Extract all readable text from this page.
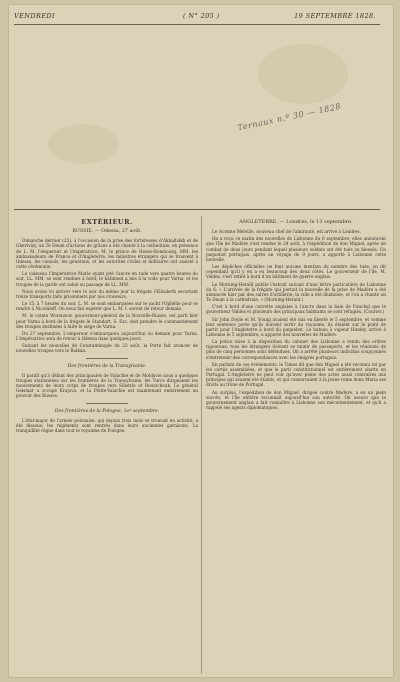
VENDREDI	( N° 205 )	19 SEPTEMBRE 1828.
Ternaux n.º 30 — 1828
EXTÉRIEUR.
RUSSIE. — Odessa, 27 août.

Dimanche dernier (25), à l'occasion de la prise des forteresses d'Akhaltsikh et de Ghertvizy, un Te Deum d'actions de grâces a été chanté à la cathédrale, en présence de L. M. l'empereur et l'impératrice, M. le prince de Hesse-Hombourg, MM. les ambassadeurs de France et d'Angleterre, les ministres étrangers qui se trouvent à Odessa, les consuls, les généraux, et les autorités civiles et militaires ont assisté à cette cérémonie.

Le vaisseau l'Impératrice Marie ayant jeté l'ancre en rade vers quatre heures du soir, LL. MM. se sont rendues à bord; le bâtiment a mis à la voile pour Varna, et les troupes de la garde ont salué au passage de LL. MM.

Nous avons vu arriver vers le soir du même jour la frégate l'Elisabeth escortant treize transports faits prisonniers par nos croiseurs.

Le 15, à 7 heures du soir, L. M. se sont embarquées sur le yacht l'Ophélie pour se rendre à Nicolaïeff. On nous fait espérer que L. M. I. seront de retour demain.

M. le comte Woronzow, gouverneur-général de la Nouvelle-Russie, est parti hier pour Varna à bord de la frégate le Standart. S. Exc. doit prendre le commandement des troupes destinées à faire le siège de Varna.

Du 27 septembre. L'empereur s'embarquera aujourd'hui ou demain pour Varna. L'impératrice sera de retour à Odessa dans quelques jours.

Suivant les nouvelles de Constantinople du 23 août, la Porte fait avancer de nouvelles troupes vers le Balkan.

Des frontières de la Transylvanie.

Il paraît qu'à défaut des principautés de Valachie et de Moldavie nous a quelques troupes stationnées sur les frontières de la Transylvanie, les Turcs dirigeaient les mouvements de leurs corps de troupes vers Silistrie et Routschouk. Le général Geismar a occupé Krajova, et la Petite-Valachie est maintenant entièrement au pouvoir des Russes.

Des frontières de la Pologne, 1er septembre.

L'état-major de l'armée polonaise, qui depuis trois mois se trouvait en activité, a été dissous; les régiments sont rentrés dans leurs anciennes garnisons. La tranquillité règne dans tout le royaume de Pologne.

ANGLETERRE. — Londres, le 13 septembre.

Le vicomte Melville, nouveau chef de l'amirauté, est arrivé à Londres.

On a reçu ce matin des nouvelles de Lisbonne du 6 septembre; elles annoncent que l'île de Madère s'est rendue le 24 août, à l'expédition de don Miguel, après un combat de deux jours pendant lequel plusieurs soldats ont été tués ou blessés. Un paquebot portugais, après un voyage de 9 jours, a apporté à Lisbonne cette nouvelle.

Les dépêches officielles ne font aucune mention du nombre des tués; on dit cependant qu'il y en a eu beaucoup des deux côtés. Le gouverneur de l'île, M. Valdez, s'est retiré à bord d'un bâtiment de guerre anglais.

Le Morning-Herald publie l'extrait suivant d'une lettre particulière de Lisbonne du 6: « L'arrivée de la frégate qui portait la nouvelle de la prise de Madère a été annoncée hier par des salves d'artillerie; la ville a été illuminée, et l'on a chanté un Te Deum à la cathédrale. » (Morning-Herald.)

C'est à bord d'une corvette anglaise à l'ancre dans la baie de Funchal que le gouverneur Valdez et plusieurs des principaux habitants se sont réfugiés. (Courier.)

Sir John Doyle et M. Young avaient été mis en liberté le 5 septembre, et comme leur sentence porte qu'ils doivent sortir du royaume, ils étaient sur le point de partir pour l'Angleterre à bord du paquebot. Le bateau à vapeur Hunley, arrivé à Lisbonne le 5 septembre, a apporté des nouvelles de Madère.

La police mise à la disposition du cabinet des Lisbonne a rendu des ordres rigoureux: tous les étrangers doivent se munir de passeports, et les réunions de plus de cinq personnes sont défendues. On a arrêté plusieurs individus soupçonnés d'entretenir des correspondances avec les émigrés portugais.

En parlant de ces événements, le Times dit que don Miguel a été reconnu roi par les cortès assemblées, et que le parti constitutionnel est entièrement abattu en Portugal. L'Angleterre ne peut voir qu'avec peine des actes aussi contraires aux principes qui avaient été établis, et qui conservaient à la jeune reine dona Maria ses droits au trône de Portugal.

Au surplus, l'expédition de don Miguel, dirigée contre Madère, a eu un plein succès, et l'île entière reconnaît aujourd'hui son autorité. On assure que le gouvernement anglais a fait connaître à Lisbonne son mécontentement, et qu'il a rappelé ses agents diplomatiques.
